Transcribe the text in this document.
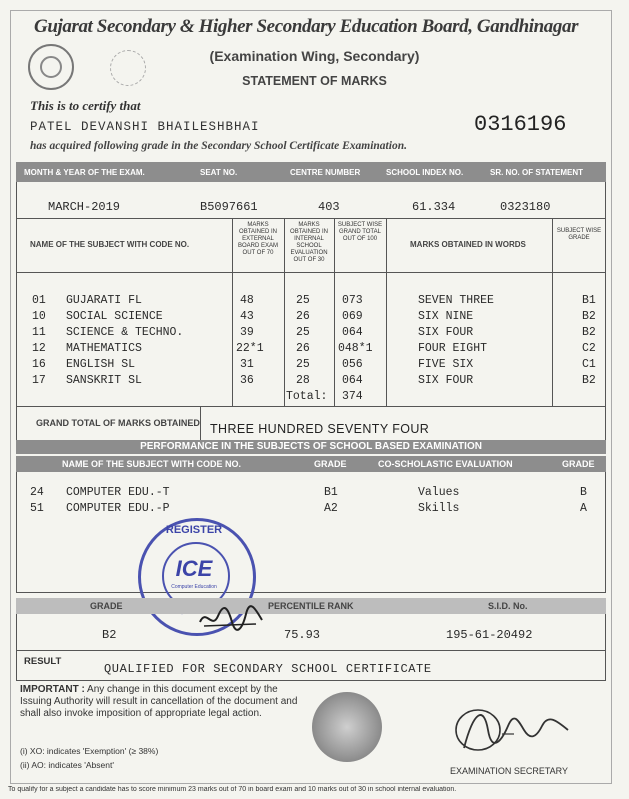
Gujarat Secondary & Higher Secondary Education Board, Gandhinagar
(Examination Wing, Secondary)
STATEMENT OF MARKS
This is to certify that
PATEL DEVANSHI BHAILESHBHAI	0316196
has acquired following grade in the Secondary School Certificate Examination.
MONTH & YEAR OF THE EXAM.	SEAT NO.	CENTRE NUMBER	SCHOOL INDEX NO.	SR. NO. OF STATEMENT
MARCH-2019	B5097661	403	61.334	0323180
NAME OF THE SUBJECT WITH CODE NO.
MARKS OBTAINED IN EXTERNAL BOARD EXAM OUT OF 70
MARKS OBTAINED IN INTERNAL SCHOOL EVALUATION OUT OF 30
SUBJECT WISE GRAND TOTAL OUT OF 100
MARKS OBTAINED IN WORDS
SUBJECT WISE GRADE
01 GUJARATI FL	48	25	073	SEVEN THREE	B1
10 SOCIAL SCIENCE	43	26	069	SIX NINE	B2
11 SCIENCE & TECHNO.	39	25	064	SIX FOUR	B2
12 MATHEMATICS	22*1	26 048*1	FOUR EIGHT	C2
16 ENGLISH SL	31	25	056	FIVE SIX	C1
17 SANSKRIT SL	36	28	064	SIX FOUR	B2
Total: 374
GRAND TOTAL OF MARKS OBTAINED THREE HUNDRED SEVENTY FOUR
PERFORMANCE IN THE SUBJECTS OF SCHOOL BASED EXAMINATION
NAME OF THE SUBJECT WITH CODE NO.	GRADE	CO-SCHOLASTIC EVALUATION	GRADE
24 COMPUTER EDU.-T	B1	Values	B
51 COMPUTER EDU.-P	A2	Skills	A
REGISTER
ICE
Computer Education
GRADE	PERCENTILE RANK	S.I.D. No.
B2	75.93	195-61-20492
RESULT
QUALIFIED FOR SECONDARY SCHOOL CERTIFICATE
IMPORTANT : Any change in this document except by the Issuing Authority will result in cancellation of the document and shall also invoke imposition of appropriate legal action.
(i) XO: indicates 'Exemption' (≥ 38%)
(ii) AO: indicates 'Absent'
EXAMINATION SECRETARY
To qualify for a subject a candidate has to score minimum 23 marks out of 70 in board exam and 10 marks out of 30 in school internal evaluation.
